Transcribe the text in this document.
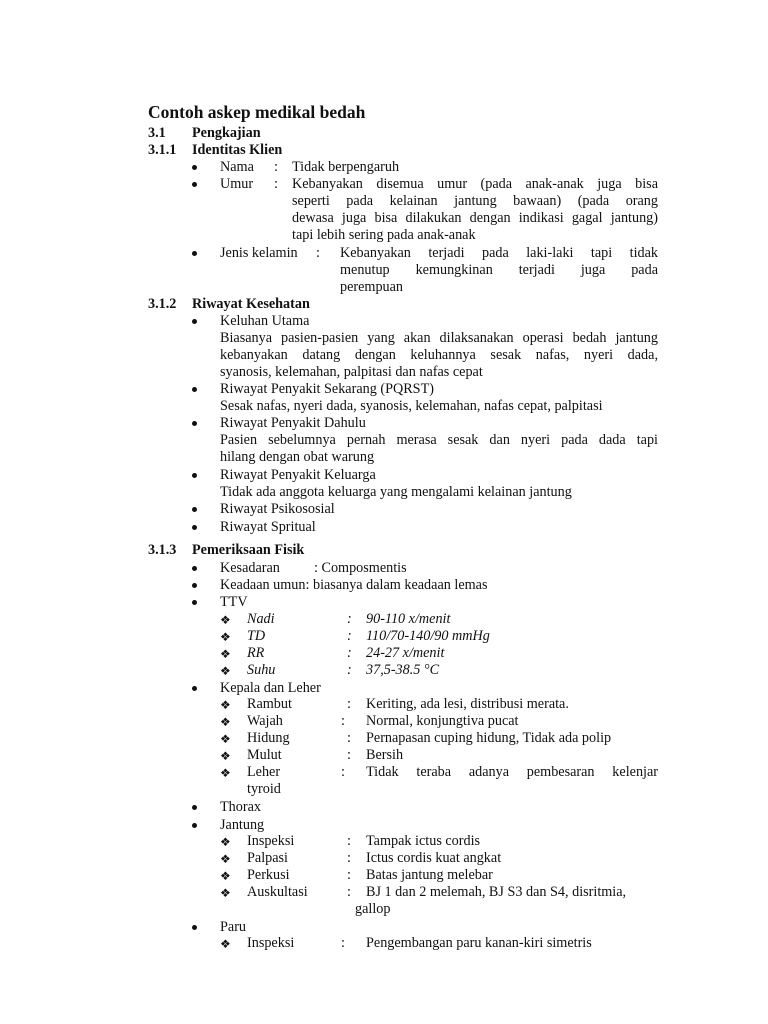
Contoh askep medikal bedah
3.1 Pengkajian
3.1.1 Identitas Klien
Nama : Tidak berpengaruh
Umur : Kebanyakan disemua umur (pada anak-anak juga bisa
seperti pada kelainan jantung bawaan) (pada orang
dewasa juga bisa dilakukan dengan indikasi gagal jantung)
tapi lebih sering pada anak-anak
Jenis kelamin : Kebanyakan terjadi pada laki-laki tapi tidak
menutup kemungkinan terjadi juga pada
perempuan
3.1.2 Riwayat Kesehatan
Keluhan Utama
Biasanya pasien-pasien yang akan dilaksanakan operasi bedah jantung
kebanyakan datang dengan keluhannya sesak nafas, nyeri dada,
syanosis, kelemahan, palpitasi dan nafas cepat
Riwayat Penyakit Sekarang (PQRST)
Sesak nafas, nyeri dada, syanosis, kelemahan, nafas cepat, palpitasi
Riwayat Penyakit Dahulu
Pasien sebelumnya pernah merasa sesak dan nyeri pada dada tapi
hilang dengan obat warung
Riwayat Penyakit Keluarga
Tidak ada anggota keluarga yang mengalami kelainan jantung
Riwayat Psikososial
Riwayat Spritual
3.1.3 Pemeriksaan Fisik
Kesadaran : Composmentis
Keadaan umun: biasanya dalam keadaan lemas
TTV
❖ Nadi	: 90-110 x/menit
❖ TD	: 110/70-140/90 mmHg
❖ RR	: 24-27 x/menit
❖ Suhu	: 37,5-38.5 °C
Kepala dan Leher
❖ Rambut	: Keriting, ada lesi, distribusi merata.
❖ Wajah	: Normal, konjungtiva pucat
❖ Hidung	: Pernapasan cuping hidung, Tidak ada polip
❖ Mulut	: Bersih
❖ Leher	: Tidak teraba adanya pembesaran kelenjar
tyroid
Thorax
Jantung
❖ Inspeksi	: Tampak ictus cordis
❖ Palpasi	: Ictus cordis kuat angkat
❖ Perkusi	: Batas jantung melebar
❖ Auskultasi	: BJ 1 dan 2 melemah, BJ S3 dan S4, disritmia,
gallop
Paru
❖ Inspeksi	: Pengembangan paru kanan-kiri simetris
